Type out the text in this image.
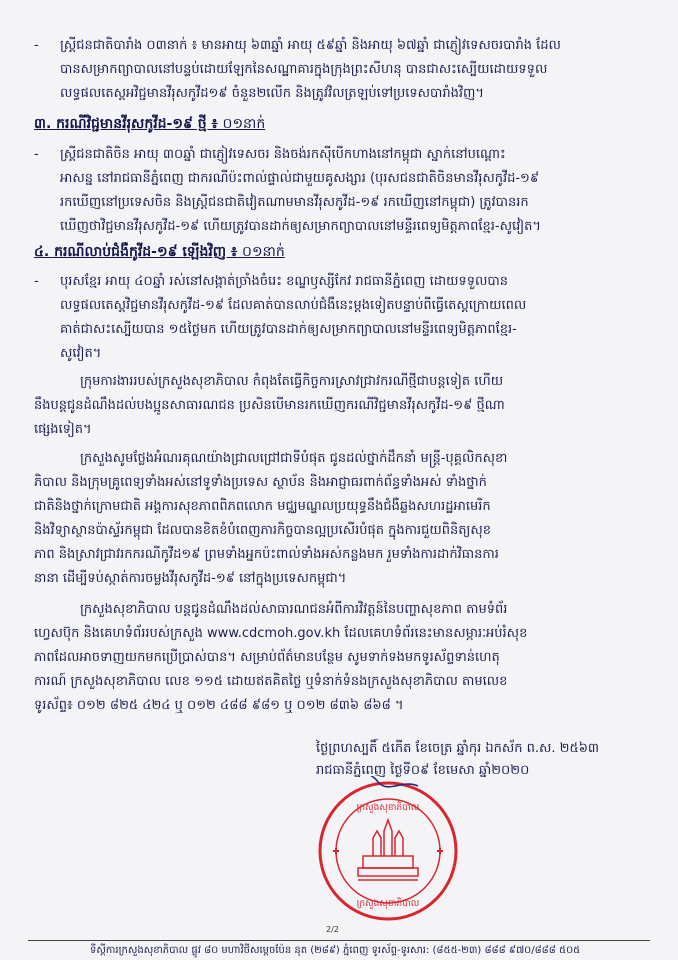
- ស្ត្រីជនជាតិបារាំង ០៣នាក់ ៖ មានអាយុ ៦៣ឆ្នាំ អាយុ ៥៩ឆ្នាំ និងអាយុ ៦៧ឆ្នាំ ជាភ្ញៀវទេសចរបារាំង ដែល
បានសម្រាកព្យាបាលនៅបន្ទប់ដោយឡែកនៃសណ្ឋាគារក្នុងក្រុងព្រះសីហនុ បានជាសះស្បើយដោយទទួល
លទ្ធផលតេស្តអវិជ្ជមានវីរុសកូវីដ១៩ ចំនួន២លើក និងត្រូវវិលត្រឡប់ទៅប្រទេសបារាំងវិញ។
៣. ករណីវិជ្ជមានវីរុសកូវីដ-១៩ ថ្មី ៖ ០១នាក់
- ស្ត្រីជនជាតិចិន អាយុ ៣០ឆ្នាំ ជាភ្ញៀវទេសចរ និងចង់រកស៊ីបើកហាងនៅកម្ពុជា ស្នាក់នៅបណ្តោះ
អាសន្ន នៅរាជធានីភ្នំពេញ ជាករណីប៉ះពាល់ផ្ទាល់ជាមួយគូសង្សារ (បុរសជនជាតិចិនមានវីរុសកូវីដ-១៩
រកឃើញនៅប្រទេសចិន និងស្ត្រីជនជាតិវៀតណាមមានវីរុសកូវីដ-១៩ រកឃើញនៅកម្ពុជា) ត្រូវបានរក
ឃើញថាវិជ្ជមានវីរុសកូវីដ-១៩ ហើយត្រូវបានដាក់ឲ្យសម្រាកព្យាបាលនៅមន្ទីរពេទ្យមិត្តភាពខ្មែរ-សូវៀត។
៤. ករណីលាប់ជំងឺកូវីដ-១៩ ឡើងវិញ ៖ ០១នាក់
- បុរសខ្មែរ អាយុ ៤០ឆ្នាំ រស់នៅសង្កាត់ច្រាំងចំរេះ ខណ្ឌឫស្សីកែវ រាជធានីភ្នំពេញ ដោយទទួលបាន
លទ្ធផលតេស្តវិជ្ជមានវីរុសកូវីដ-១៩ ដែលគាត់បានលាប់ជំងឺនេះម្តងទៀតបន្ទាប់ពីធ្វើតេស្តក្រោយពេល
គាត់ជាសះស្បើយបាន ១៥ថ្ងៃមក ហើយត្រូវបានដាក់ឲ្យសម្រាកព្យាបាលនៅមន្ទីរពេទ្យមិត្តភាពខ្មែរ-
សូវៀត។
ក្រុមការងាររបស់ក្រសួងសុខាភិបាល កំពុងតែធ្វើកិច្ចការស្រាវជ្រាវករណីថ្មីជាបន្តទៀត ហើយ
នឹងបន្តជូនដំណឹងដល់បងប្អូនសាធារណជន ប្រសិនបើមានរកឃើញករណីវិជ្ជមានវីរុសកូវីដ-១៩ ថ្មីណា
ផ្សេងទៀត។
ក្រសួងសូមថ្លែងអំណរគុណយ៉ាងជ្រាលជ្រៅជាទីបំផុត ជូនដល់ថ្នាក់ដឹកនាំ មន្ត្រី-បុគ្គលិកសុខា
ភិបាល និងក្រុមគ្រូពេទ្យទាំងអស់នៅទូទាំងប្រទេស ស្ថាប័ន និងអាជ្ញាធរពាក់ព័ន្ធទាំងអស់ ទាំងថ្នាក់
ជាតិនិងថ្នាក់ក្រោមជាតិ អង្គការសុខភាពពិភពលោក មជ្ឈមណ្ឌលប្រយុទ្ធនឹងជំងឺឆ្លងសហរដ្ឋអាមេរិក
និងវិទ្យាស្ថានប៉ាស្ទ័រកម្ពុជា ដែលបានខិតខំបំពេញភារកិច្ចបានល្អប្រសើរបំផុត ក្នុងការជួយពិនិត្យសុខ
ភាព និងស្រាវជ្រាវរកករណីកូវីដ១៩ ព្រមទាំងអ្នកប៉ះពាល់ទាំងអស់កន្លងមក រួមទាំងការដាក់វិធានការ
នានា ដើម្បីទប់ស្កាត់ការចម្លងវីរុសកូវីដ-១៩ នៅក្នុងប្រទេសកម្ពុជា។
ក្រសួងសុខាភិបាល បន្តជូនដំណឹងដល់សាធារណជនអំពីការវិវត្តន៍នៃបញ្ហាសុខភាព តាមទំព័រ
ហ្វេសប៊ុក និងគេហទំព័ររបស់ក្រសួង www.cdcmoh.gov.kh ដែលគេហទំព័រនេះមានសម្ភារៈអប់រំសុខ
ភាពដែលអាចទាញយកមកប្រើប្រាស់បាន។ សម្រាប់ព័ត៌មានបន្ថែម សូមទាក់ទងមកទូរស័ព្ទទាន់ហេតុ
ការណ៍ ក្រសួងសុខាភិបាល លេខ ១១៥ ដោយឥតគិតថ្លៃ ឬទំនាក់ទំនងក្រសួងសុខាភិបាល តាមលេខ
ទូរស័ព្ទ៖ ០១២ ៨២៥ ៤២៤ ឬ ០១២ ៤៨៨ ៩៨១ ឬ ០១២ ៨៣៦ ៨៦៨ ។
ថ្ងៃព្រហស្បតិ៍ ៥កើត ខែចេត្រ ឆ្នាំកុរ ឯកស័ក ព.ស. ២៥៦៣
រាជធានីភ្នំពេញ ថ្ងៃទី០៩ ខែមេសា ឆ្នាំ២០២០
ក្រសួងសុខាភិបាល
ក្រសួងសុខាភិបាល
2/2
ទីស្តីការក្រសួងសុខាភិបាល ផ្លូវ ៨០ មហាវិថីសម្តេចប៉ែន នុត (២៨៩) ភ្នំពេញ ទូរស័ព្ទ-ទូរសារ: (៨៥៥-២៣) ៨៨៨ ៩៧០/៨៨៨ ៥០៥
